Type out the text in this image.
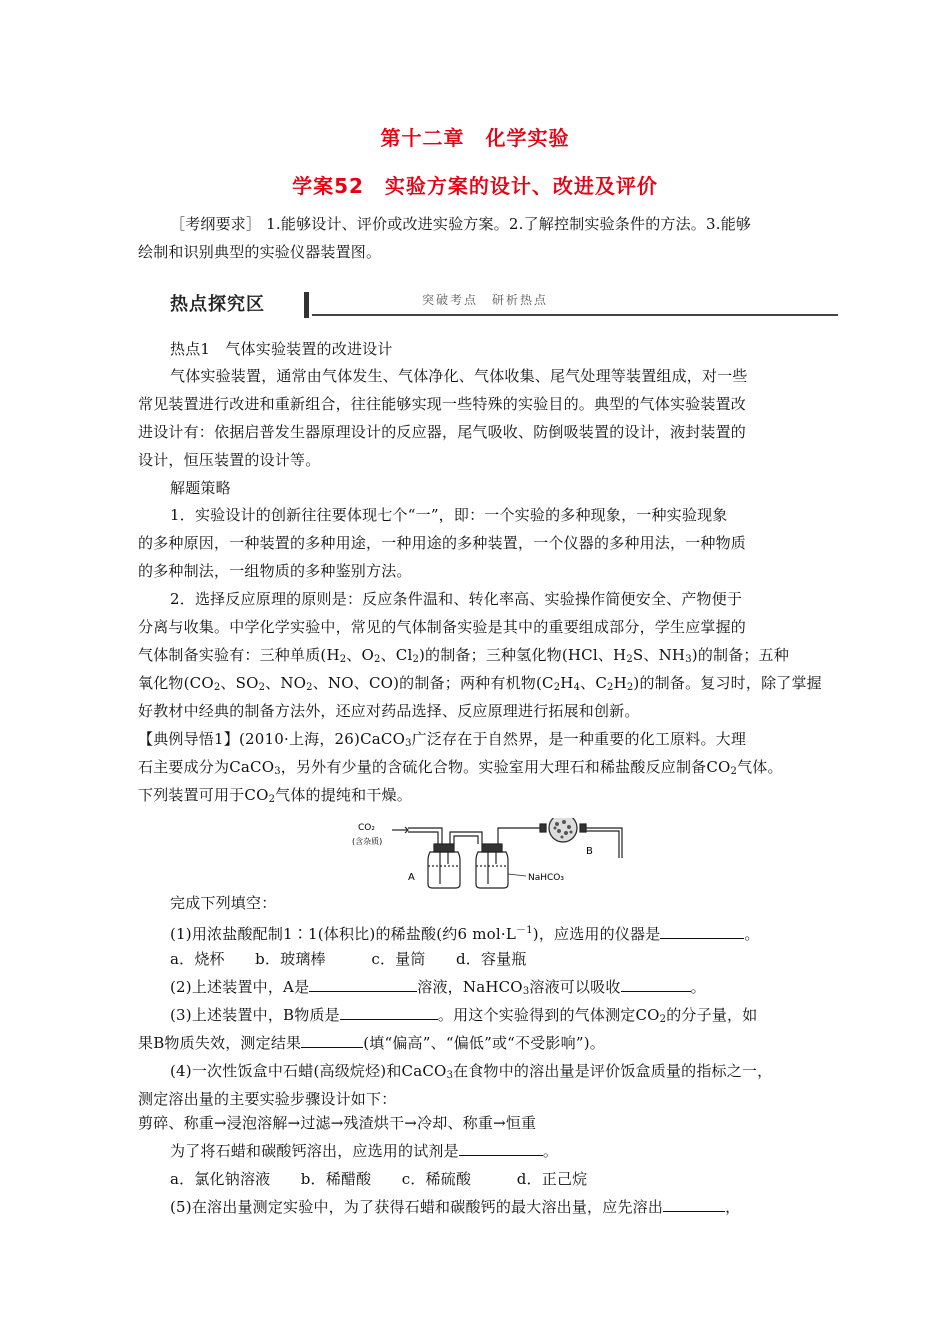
第十二章　化学实验
学案52　实验方案的设计、改进及评价
［考纲要求］ 1.能够设计、评价或改进实验方案。2.了解控制实验条件的方法。3.能够
绘制和识别典型的实验仪器装置图。
热点探究区	突破考点　研析热点
热点1　气体实验装置的改进设计
气体实验装置，通常由气体发生、气体净化、气体收集、尾气处理等装置组成，对一些
常见装置进行改进和重新组合，往往能够实现一些特殊的实验目的。典型的气体实验装置改
进设计有：依据启普发生器原理设计的反应器，尾气吸收、防倒吸装置的设计，液封装置的
设计，恒压装置的设计等。
解题策略
1．实验设计的创新往往要体现七个“一”，即：一个实验的多种现象，一种实验现象
的多种原因，一种装置的多种用途，一种用途的多种装置，一个仪器的多种用法，一种物质
的多种制法，一组物质的多种鉴别方法。
2．选择反应原理的原则是：反应条件温和、转化率高、实验操作简便安全、产物便于
分离与收集。中学化学实验中，常见的气体制备实验是其中的重要组成部分，学生应掌握的
气体制备实验有：三种单质($H_2$、$O_2$、$Cl_2$)的制备；三种氢化物(HCl、$H_2S$、$NH_3$)的制备；五种
氧化物($CO_2$、$SO_2$、$NO_2$、NO、CO)的制备；两种有机物($C_2H_4$、$C_2H_2$)的制备。复习时，除了掌握
好教材中经典的制备方法外，还应对药品选择、反应原理进行拓展和创新。
【典例导悟1】(2010·上海，26)CaCO$_3$广泛存在于自然界，是一种重要的化工原料。大理
石主要成分为CaCO$_3$，另外有少量的含硫化合物。实验室用大理石和稀盐酸反应制备$CO_2$气体。
下列装置可用于$CO_2$气体的提纯和干燥。
CO₂
(含杂质)
A
B
NaHCO₃
完成下列填空：
(1)用浓盐酸配制1∶1(体积比)的稀盐酸(约6 $mol\cdot L^{-1}$)，应选用的仪器是	。
a．烧杯　　b．玻璃棒　　　c．量筒　　d．容量瓶
(2)上述装置中，A是	溶液，NaHCO$_3$溶液可以吸收	。
(3)上述装置中，B物质是	。用这个实验得到的气体测定$CO_2$的分子量，如
果B物质失效，测定结果	(填“偏高”、“偏低”或“不受影响”)。
(4)一次性饭盒中石蜡(高级烷烃)和CaCO$_3$在食物中的溶出量是评价饭盒质量的指标之一，
测定溶出量的主要实验步骤设计如下：
剪碎、称重→浸泡溶解→过滤→残渣烘干→冷却、称重→恒重
为了将石蜡和碳酸钙溶出，应选用的试剂是	。
a．氯化钠溶液　　b．稀醋酸　　c．稀硫酸　　　d．正己烷
(5)在溶出量测定实验中，为了获得石蜡和碳酸钙的最大溶出量，应先溶出	，
